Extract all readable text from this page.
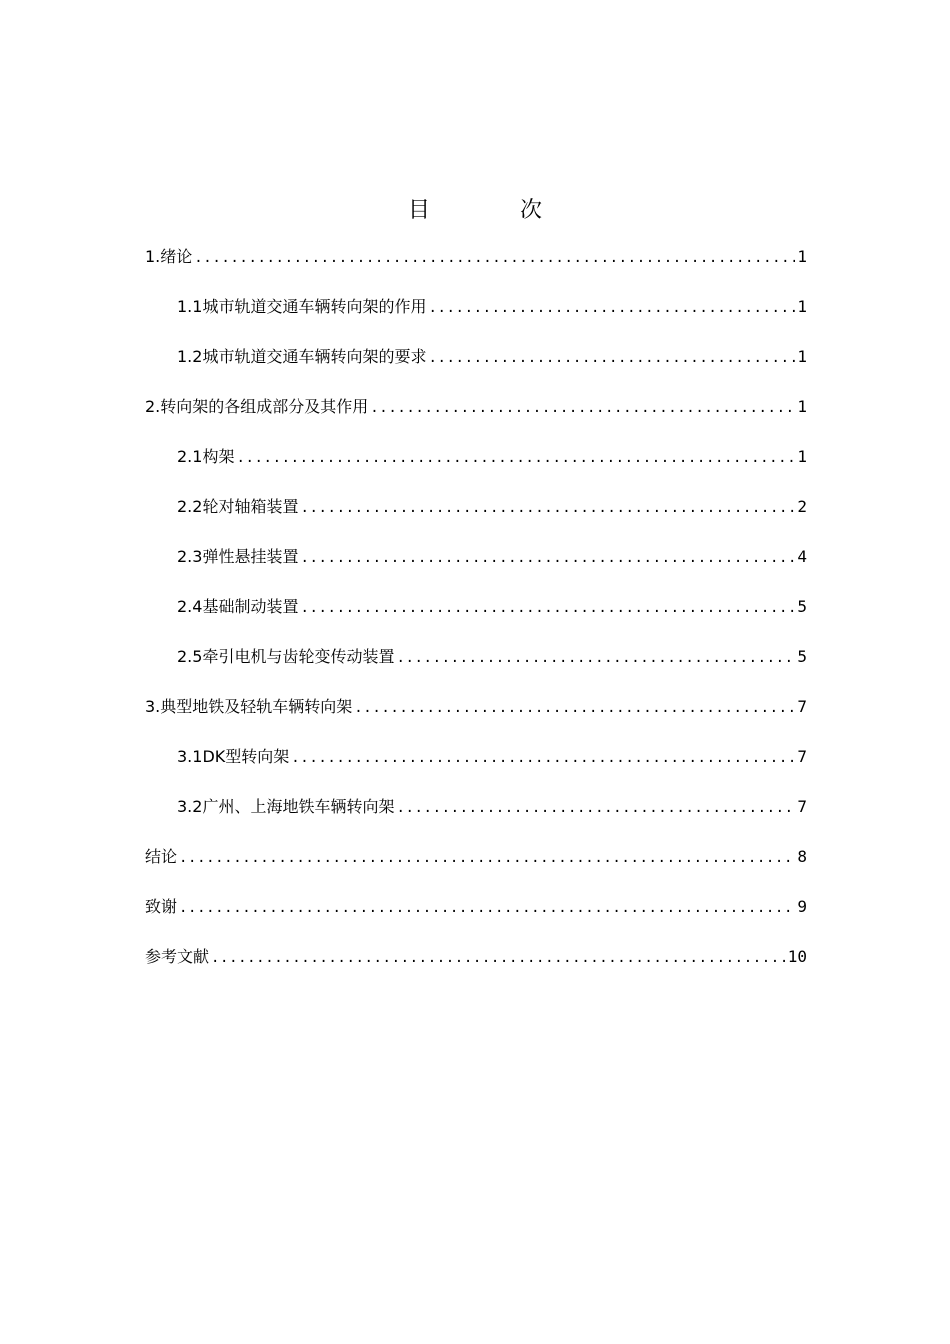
目　次
1.绪论 .....	1
1.1城市轨道交通车辆转向架的作用 .....	1
1.2城市轨道交通车辆转向架的要求 .....	1
2.转向架的各组成部分及其作用 .....	1
2.1构架 .....	1
2.2轮对轴箱装置 .....	2
2.3弹性悬挂装置 .....	4
2.4基础制动装置 .....	5
2.5牵引电机与齿轮变传动装置 .....	5
3.典型地铁及轻轨车辆转向架 .....	7
3.1DK型转向架 .....	7
3.2广州、上海地铁车辆转向架 .....	7
结论 .....	8
致谢 .....	9
参考文献 .....	10
